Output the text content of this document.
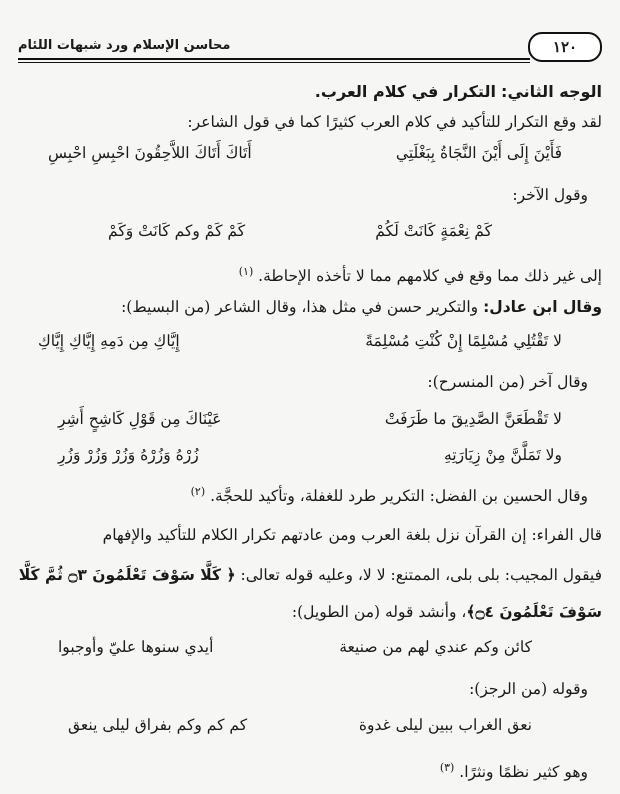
١٢٠
محاسن الإسلام ورد شبهات اللئام
الوجه الثاني: التكرار في كلام العرب.
لقد وقع التكرار للتأكيد في كلام العرب كثيرًا كما في قول الشاعر:
فَأَيْنَ إِلَى أَيْنَ النَّجَاةُ بِبَغْلَتِي
أَتَاكَ أَتَاكَ اللاَّحِقُونَ احْبِسِ احْبِسِ
وقول الآخر:
كَمْ نِعْمَةٍ كَانَتْ لَكُمْ
كَمْ كَمْ وكم كَانَتْ وَكَمْ
إلى غير ذلك مما وقع في كلامهم مما لا تأخذه الإحاطة. $^{(١)}$
وقال ابن عادل: والتكرير حسن في مثل هذا، وقال الشاعر (من البسيط):
لا تَقْتُلِي مُسْلِمًا إِنْ كُنْتِ مُسْلِمَةً
إِيَّاكِ مِن دَمِهِ إِيَّاكِ إِيَّاكِ
وقال آخر (من المنسرح):
لا تَقْطَعَنَّ الصَّدِيقَ ما طَرَفَتْ
عَيْنَاكَ مِن قَوْلِ كَاشِحٍ أَشِرِ
ولا تَمَلَّنَّ مِنْ زِيَارَتِهِ
زُرْهُ وَزُرْهُ وَزُرْ وَزُرْ وَزُرِ
وقال الحسين بن الفضل: التكرير طرد للغفلة، وتأكيد للحجَّة. $^{(٢)}$
قال الفراء: إن القرآن نزل بلغة العرب ومن عادتهم تكرار الكلام للتأكيد والإفهام
فيقول المجيب: بلى بلى، الممتنع: لا لا، وعليه قوله تعالى: ﴿ كَلَّا سَوْفَ تَعْلَمُونَ ۝٣ ثُمَّ كَلَّا
سَوْفَ تَعْلَمُونَ ۝٤﴾، وأنشد قوله (من الطويل):
كائن وكم عندي لهم من صنيعة
أيدي سنوها عليّ وأوجبوا
وقوله (من الرجز):
نعق الغراب ببين ليلى غدوة
كم كم وكم بفراق ليلى ينعق
وهو كثير نظمًا ونثرًا. $^{(٣)}$
